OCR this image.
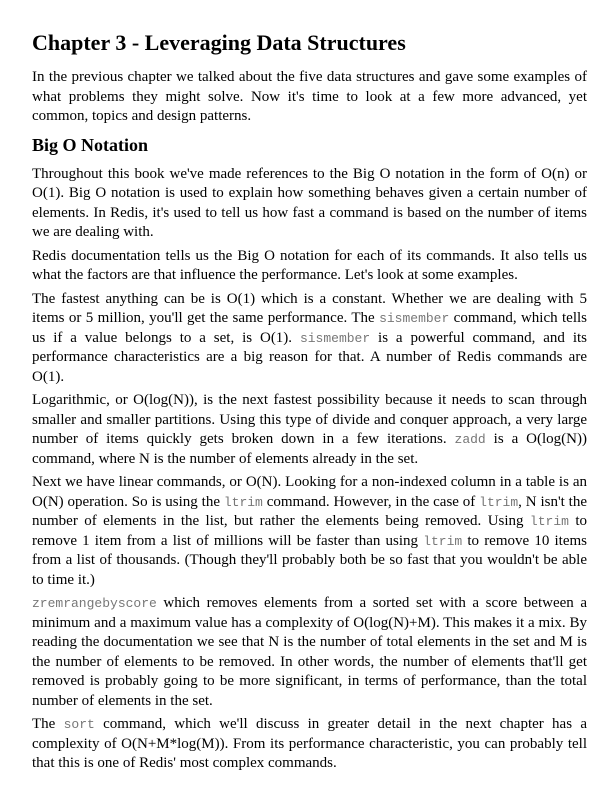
Chapter 3 - Leveraging Data Structures

In the previous chapter we talked about the five data structures and gave some examples of what problems they might solve. Now it's time to look at a few more advanced, yet common, topics and design patterns.

Big O Notation

Throughout this book we've made references to the Big O notation in the form of O(n) or O(1). Big O notation is used to explain how something behaves given a certain number of elements. In Redis, it's used to tell us how fast a command is based on the number of items we are dealing with.

Redis documentation tells us the Big O notation for each of its commands. It also tells us what the factors are that influence the performance. Let's look at some examples.

The fastest anything can be is O(1) which is a constant. Whether we are dealing with 5 items or 5 million, you'll get the same performance. The sismember command, which tells us if a value belongs to a set, is O(1). sismember is a powerful command, and its performance characteristics are a big reason for that. A number of Redis commands are O(1).

Logarithmic, or O(log(N)), is the next fastest possibility because it needs to scan through smaller and smaller partitions. Using this type of divide and conquer approach, a very large number of items quickly gets broken down in a few iterations. zadd is a O(log(N)) command, where N is the number of elements already in the set.

Next we have linear commands, or O(N). Looking for a non-indexed column in a table is an O(N) operation. So is using the ltrim command. However, in the case of ltrim, N isn't the number of elements in the list, but rather the elements being removed. Using ltrim to remove 1 item from a list of millions will be faster than using ltrim to remove 10 items from a list of thousands. (Though they'll probably both be so fast that you wouldn't be able to time it.)

zremrangebyscore which removes elements from a sorted set with a score between a minimum and a maximum value has a complexity of O(log(N)+M). This makes it a mix. By reading the documentation we see that N is the number of total elements in the set and M is the number of elements to be removed. In other words, the number of elements that'll get removed is probably going to be more significant, in terms of performance, than the total number of elements in the set.

The sort command, which we'll discuss in greater detail in the next chapter has a complexity of O(N+M*log(M)). From its performance characteristic, you can probably tell that this is one of Redis' most complex commands.
